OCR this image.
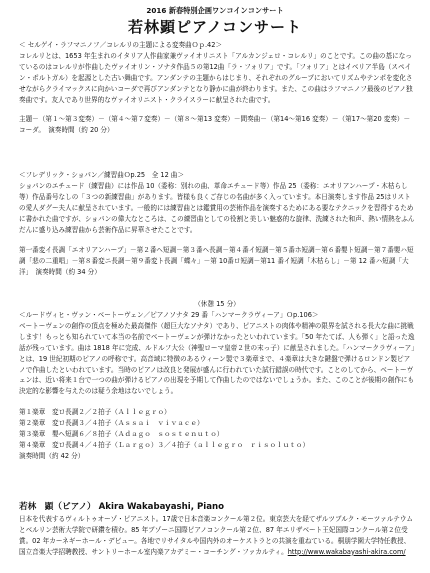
2016 新春特別企画ワンコインコンサート
若林顕ピアノコンサート
＜ セルゲイ・ラフマニノフ／コレルリの主題による変奏曲Ｏｐ.42＞
コレルリとは、1653 年生まれのイタリア人作曲家兼ヴァイオリニスト「アルカンジェロ・コレルリ」のことです。この曲の基になっているのはコレルリが作曲したヴァイオリン・ソナタ作品５の第12曲「ラ・フォリア」です。「フォリア」とはイベリア半島（スペイン・ポルトガル）を起源とした古い舞曲です。アンダンテの主題からはじまり、それぞれのグループにおいてリズムやテンポを変化させながらクライマックスに向かいコーダで再びアンダンテとなり静かに曲が終わります。また、この曲はラフマニノフ最後のピアノ独奏曲です。友人であり世界的なヴァイオリニスト・クライスラーに献呈された曲です。
主題－（第１～第３変奏）－（第４～第７変奏）－（第８～第13 変奏）－間奏曲－（第14～第16 変奏）－（第17～第20 変奏）－コーダ。　 演奏時間（約 20 分）
＜フレデリック・ショパン／練習曲Ｏp.25　全 12 曲＞
ショパンのエチュード（練習曲）には作品 10（委称：別れの曲、革命エチュード等）作品 25（委称：エオリアンハープ・木枯らし等）作品番号なしの「３つの新練習曲」があります。皆様も良くご存じの名曲が多く入っています。本日演奏します作品 25はリストの愛人ダグー夫人に献呈されています。一般的には練習曲とは鑑賞用の芸術作品を演奏するためにある要なテクニックを習得するために書かれた曲ですが、ショパンの偉大なところは、この練習曲としての役割と美しい魅惑的な旋律、洗練された和声、熱い情熱をふんだんに盛り込み練習曲から芸術作品に昇華させたことです。
第一番変イ長調「エオリアンハープ」－第２番ヘ短調－第３番ヘ長調－第４番イ短調－第５番ホ短調－第６番嬰ト短調－第７番嬰ハ短調「悲の二重唱」－第８番変ニ長調－第９番変ト長調「蝶々」－第 10番ロ短調－第11 番イ短調「木枯らし」－第 12 番ハ短調「大洋」　 演奏時間（約 34 分）
（休憩 15 分）
＜ルードヴィヒ・ヴァン・ベートーヴェン／ピアノソナタ 29 番「ハンマークラヴィーア」Ｏp.106＞
ベートーヴェンの創作の頂点を極めた最高傑作（超巨大なソナタ）であり、ピアニストの肉体や精神の限界を試される長大な曲に挑戦します！もっとも知られていて本当の名前でベートーヴェンが弾けなかったといわれています。「50 年たてば、人も弾く」と語った逸話が残っています。曲は 1818 年に完成、ルドルフ大公（神聖ローマ皇帝２世の末っ子）に献呈されました。「ハンマークラヴィーア」とは、19 世紀初期のピアノの呼称です。高音域に特徴のあるウィーン製で３楽章まで、４楽章は大きな鍵盤で弾けるロンドン製ピアノで作曲したといわれています。当時のピアノは改良と発展が盛んに行われていた試行錯誤の時代です。ことのしてから、ベートーヴェンは、近い将来１台で一つの曲が弾けるピアノの出現を予期して作曲したのではないでしょうか。また、このことが後期の創作にも決定的な影響を与えたのは疑う余地はないでしょう。
第１楽章　変ロ長調２／２拍子（Ａｌｌｅｇｒｏ）
第２楽章　変ロ長調３／４拍子（Ａｓｓａｉ　ｖｉｖａｃｅ）
第３楽章　嬰ヘ短調６／８拍子（Ａｄａｇｏ　ｓｏｓｔｅｎｕｔｏ）
第４楽章　変ロ長調４／４拍子（Ｌａｒｇｏ）３／４拍子（ａｌｌｅｇｒｏ　ｒｉｓｏｌｕｔｏ）
演奏時間（約 42 分）
若林　顕（ピアノ） Akira Wakabayashi, Piano
日本を代表するヴィルトゥオーゾ・ピアニスト。17歳で日本音楽コンクール第２位。東京芸大を経てザルツブルク・モーツァルテウムとベルリン芸術大学院で研鑽を積む。85 年ブゾーニ国際ピアノコンクール第２位、87 年エリザベート王妃国際コンクール第２位受賞。02 年カーネギーホール・デビュー。各地でリサイタルや国内外のオーケストラとの共演を重ねている。桐朋学園大学特任教授、国立音楽大学招聘教授、サントリーホール室内楽アカデミー・コーチング・ファカルティ。http://www.wakabayashi-akira.com/
